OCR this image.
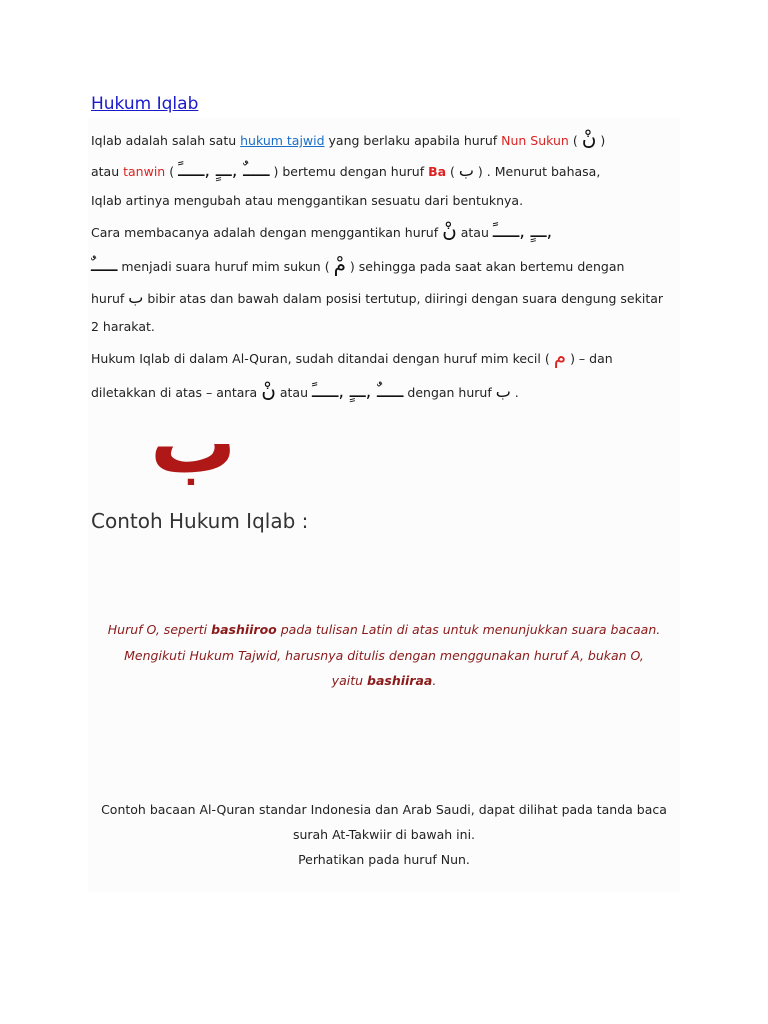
Hukum Iqlab
Iqlab adalah salah satu hukum tajwid yang berlaku apabila huruf Nun Sukun ( نْ )
atau tanwin ( ـــــٌ ,ـــٍ ,ـــــً ) bertemu dengan huruf Ba ( ب ) . Menurut bahasa,
Iqlab artinya mengubah atau menggantikan sesuatu dari bentuknya.
Cara membacanya adalah dengan menggantikan huruf نْ atau ـــٍ ,ـــــً,
ـــــٌ menjadi suara huruf mim sukun ( مْ ) sehingga pada saat akan bertemu dengan
huruf ب bibir atas dan bawah dalam posisi tertutup, diiringi dengan suara dengung sekitar
2 harakat.
Hukum Iqlab di dalam Al-Quran, sudah ditandai dengan huruf mim kecil ( م ) – dan
diletakkan di atas – antara نْ atau ـــــٌ ,ـــٍ ,ـــــً dengan huruf ب .
ب
Contoh Hukum Iqlab :
Huruf O, seperti bashiiroo pada tulisan Latin di atas untuk menunjukkan suara bacaan.
Mengikuti Hukum Tajwid, harusnya ditulis dengan menggunakan huruf A, bukan O,
yaitu bashiiraa.
Contoh bacaan Al-Quran standar Indonesia dan Arab Saudi, dapat dilihat pada tanda baca
surah At-Takwiir di bawah ini.
Perhatikan pada huruf Nun.
